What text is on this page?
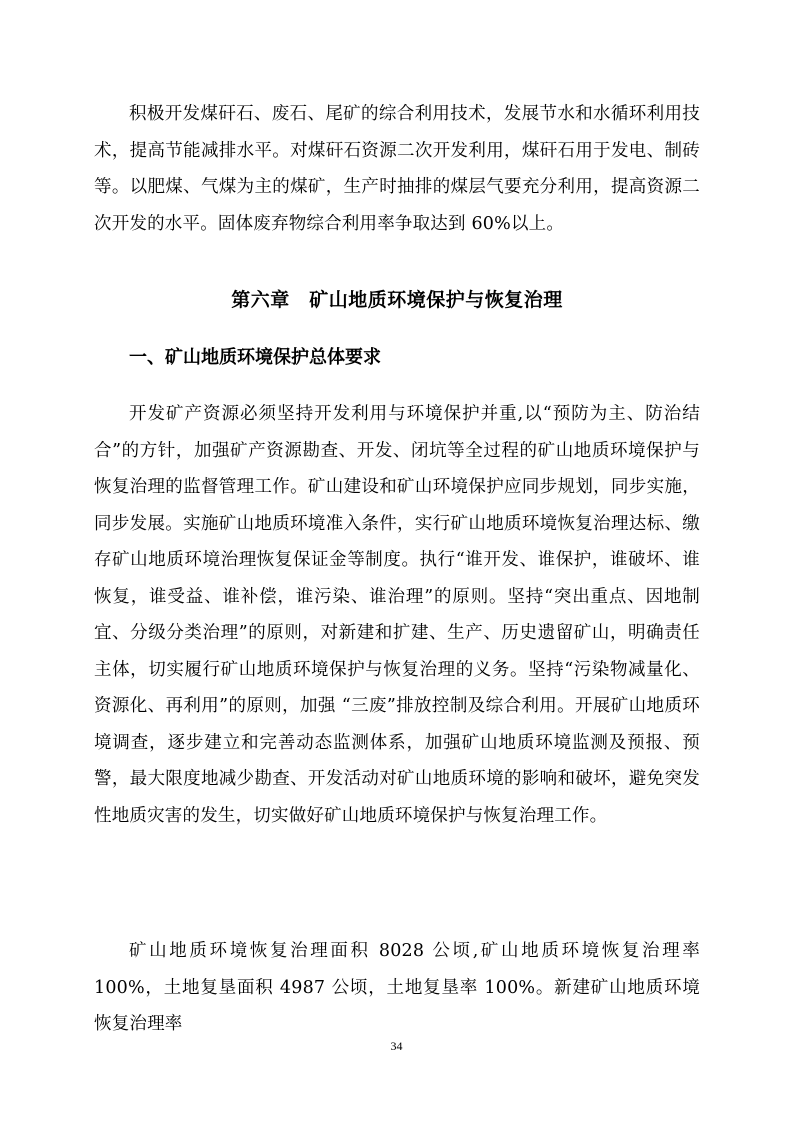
积极开发煤矸石、废石、尾矿的综合利用技术，发展节水和水循环利用技术，提高节能减排水平。对煤矸石资源二次开发利用，煤矸石用于发电、制砖等。以肥煤、气煤为主的煤矿，生产时抽排的煤层气要充分利用，提高资源二次开发的水平。固体废弃物综合利用率争取达到 60%以上。

第六章　矿山地质环境保护与恢复治理
一、矿山地质环境保护总体要求

开发矿产资源必须坚持开发利用与环境保护并重,以“预防为主、防治结合”的方针，加强矿产资源勘查、开发、闭坑等全过程的矿山地质环境保护与恢复治理的监督管理工作。矿山建设和矿山环境保护应同步规划，同步实施，同步发展。实施矿山地质环境准入条件，实行矿山地质环境恢复治理达标、缴存矿山地质环境治理恢复保证金等制度。执行“谁开发、谁保护，谁破坏、谁恢复，谁受益、谁补偿，谁污染、谁治理”的原则。坚持“突出重点、因地制宜、分级分类治理”的原则，对新建和扩建、生产、历史遗留矿山，明确责任主体，切实履行矿山地质环境保护与恢复治理的义务。坚持“污染物减量化、资源化、再利用”的原则，加强 “三废”排放控制及综合利用。开展矿山地质环境调查，逐步建立和完善动态监测体系，加强矿山地质环境监测及预报、预警，最大限度地减少勘查、开发活动对矿山地质环境的影响和破坏，避免突发性地质灾害的发生，切实做好矿山地质环境保护与恢复治理工作。

矿山地质环境恢复治理面积 8028 公顷,矿山地质环境恢复治理率 100%，土地复垦面积 4987 公顷，土地复垦率 100%。新建矿山地质环境恢复治理率

34
